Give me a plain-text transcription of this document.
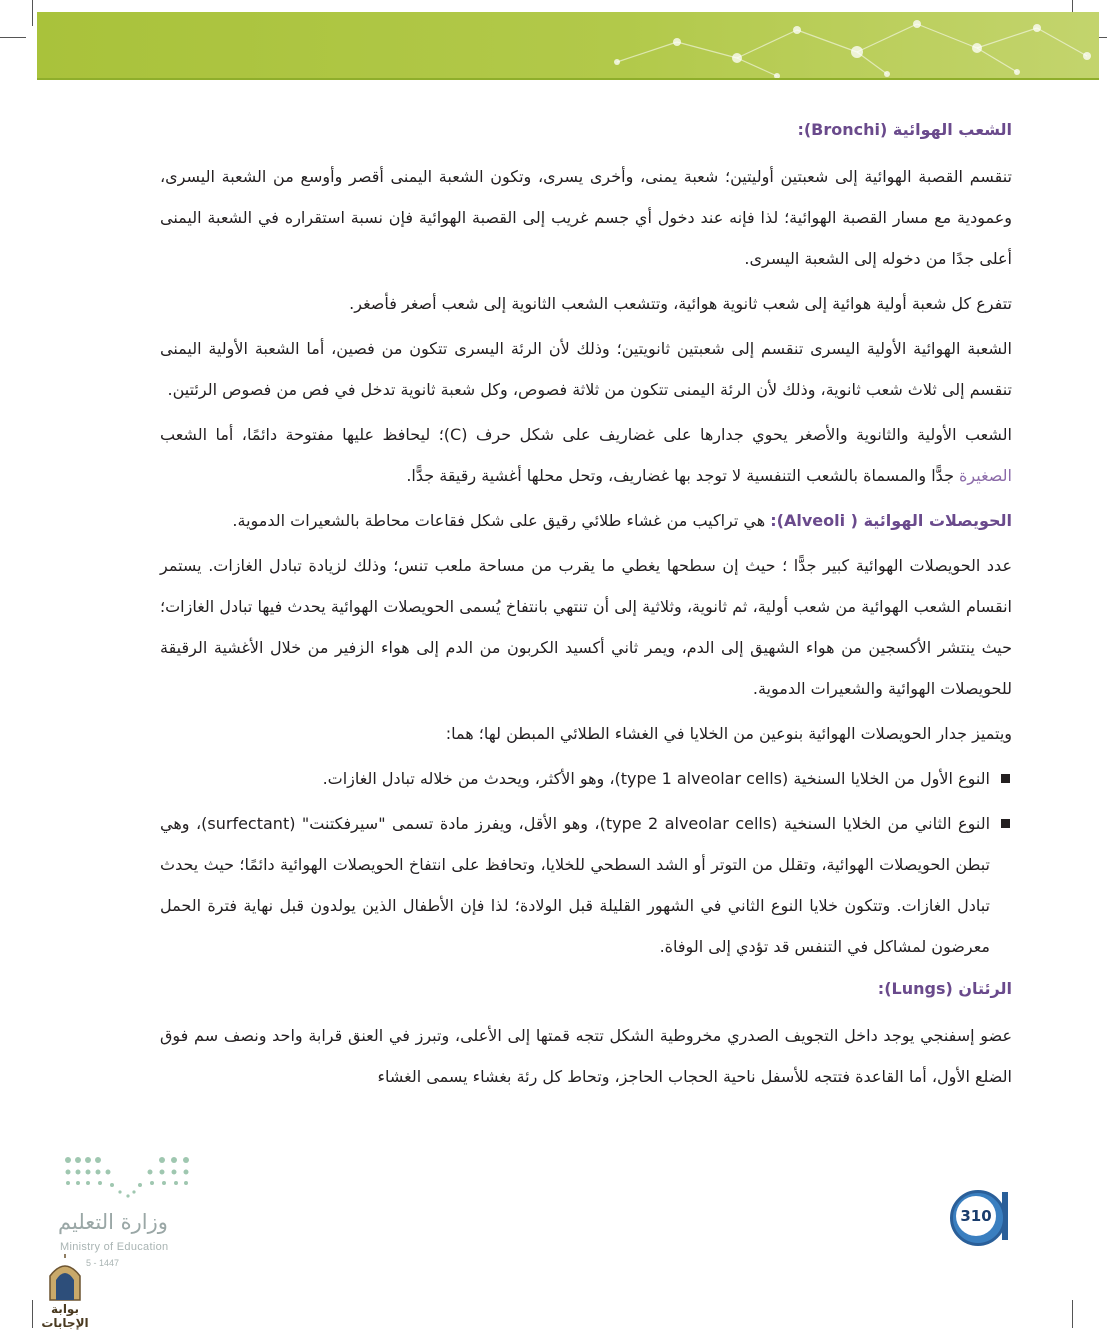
الشعب الهوائية (Bronchi):

تنقسم القصبة الهوائية إلى شعبتين أوليتين؛ شعبة يمنى، وأخرى يسرى، وتكون الشعبة اليمنى أقصر وأوسع من الشعبة اليسرى، وعمودية مع مسار القصبة الهوائية؛ لذا فإنه عند دخول أي جسم غريب إلى القصبة الهوائية فإن نسبة استقراره في الشعبة اليمنى أعلى جدًا من دخوله إلى الشعبة اليسرى.

تتفرع كل شعبة أولية هوائية إلى شعب ثانوية هوائية، وتتشعب الشعب الثانوية إلى شعب أصغر فأصغر.

الشعبة الهوائية الأولية اليسرى تنقسم إلى شعبتين ثانويتين؛ وذلك لأن الرئة اليسرى تتكون من فصين، أما الشعبة الأولية اليمنى تنقسم إلى ثلاث شعب ثانوية، وذلك لأن الرئة اليمنى تتكون من ثلاثة فصوص، وكل شعبة ثانوية تدخل في فص من فصوص الرئتين.

الشعب الأولية والثانوية والأصغر يحوي جدارها على غضاريف على شكل حرف (C)؛ ليحافظ عليها مفتوحة دائمًا، أما الشعب الصغيرة جدًّا والمسماة بالشعب التنفسية لا توجد بها غضاريف، وتحل محلها أغشية رقيقة جدًّا.

الحويصلات الهوائية ( Alveoli): هي تراكيب من غشاء طلائي رقيق على شكل فقاعات محاطة بالشعيرات الدموية.

عدد الحويصلات الهوائية كبير جدًّا ؛ حيث إن سطحها يغطي ما يقرب من مساحة ملعب تنس؛ وذلك لزيادة تبادل الغازات. يستمر انقسام الشعب الهوائية من شعب أولية، ثم ثانوية، وثلاثية إلى أن تنتهي بانتفاخ يُسمى الحويصلات الهوائية يحدث فيها تبادل الغازات؛ حيث ينتشر الأكسجين من هواء الشهيق إلى الدم، ويمر ثاني أكسيد الكربون من الدم إلى هواء الزفير من خلال الأغشية الرقيقة للحويصلات الهوائية والشعيرات الدموية.

ويتميز جدار الحويصلات الهوائية بنوعين من الخلايا في الغشاء الطلائي المبطن لها؛ هما:

النوع الأول من الخلايا السنخية (type 1 alveolar cells)، وهو الأكثر، ويحدث من خلاله تبادل الغازات.
النوع الثاني من الخلايا السنخية (type 2 alveolar cells)، وهو الأقل، ويفرز مادة تسمى "سيرفكتنت" (surfectant)، وهي تبطن الحويصلات الهوائية، وتقلل من التوتر أو الشد السطحي للخلايا، وتحافظ على انتفاخ الحويصلات الهوائية دائمًا؛ حيث يحدث تبادل الغازات. وتتكون خلايا النوع الثاني في الشهور القليلة قبل الولادة؛ لذا فإن الأطفال الذين يولدون قبل نهاية فترة الحمل معرضون لمشاكل في التنفس قد تؤدي إلى الوفاة.
الرئتان (Lungs):

عضو إسفنجي يوجد داخل التجويف الصدري مخروطية الشكل تتجه قمتها إلى الأعلى، وتبرز في العنق قرابة واحد ونصف سم فوق الضلع الأول، أما القاعدة فتتجه للأسفل ناحية الحجاب الحاجز، وتحاط كل رئة بغشاء يسمى الغشاء

وزارة التعليم
Ministry of Education
5 - 1447
بوابة الإجابات
310
